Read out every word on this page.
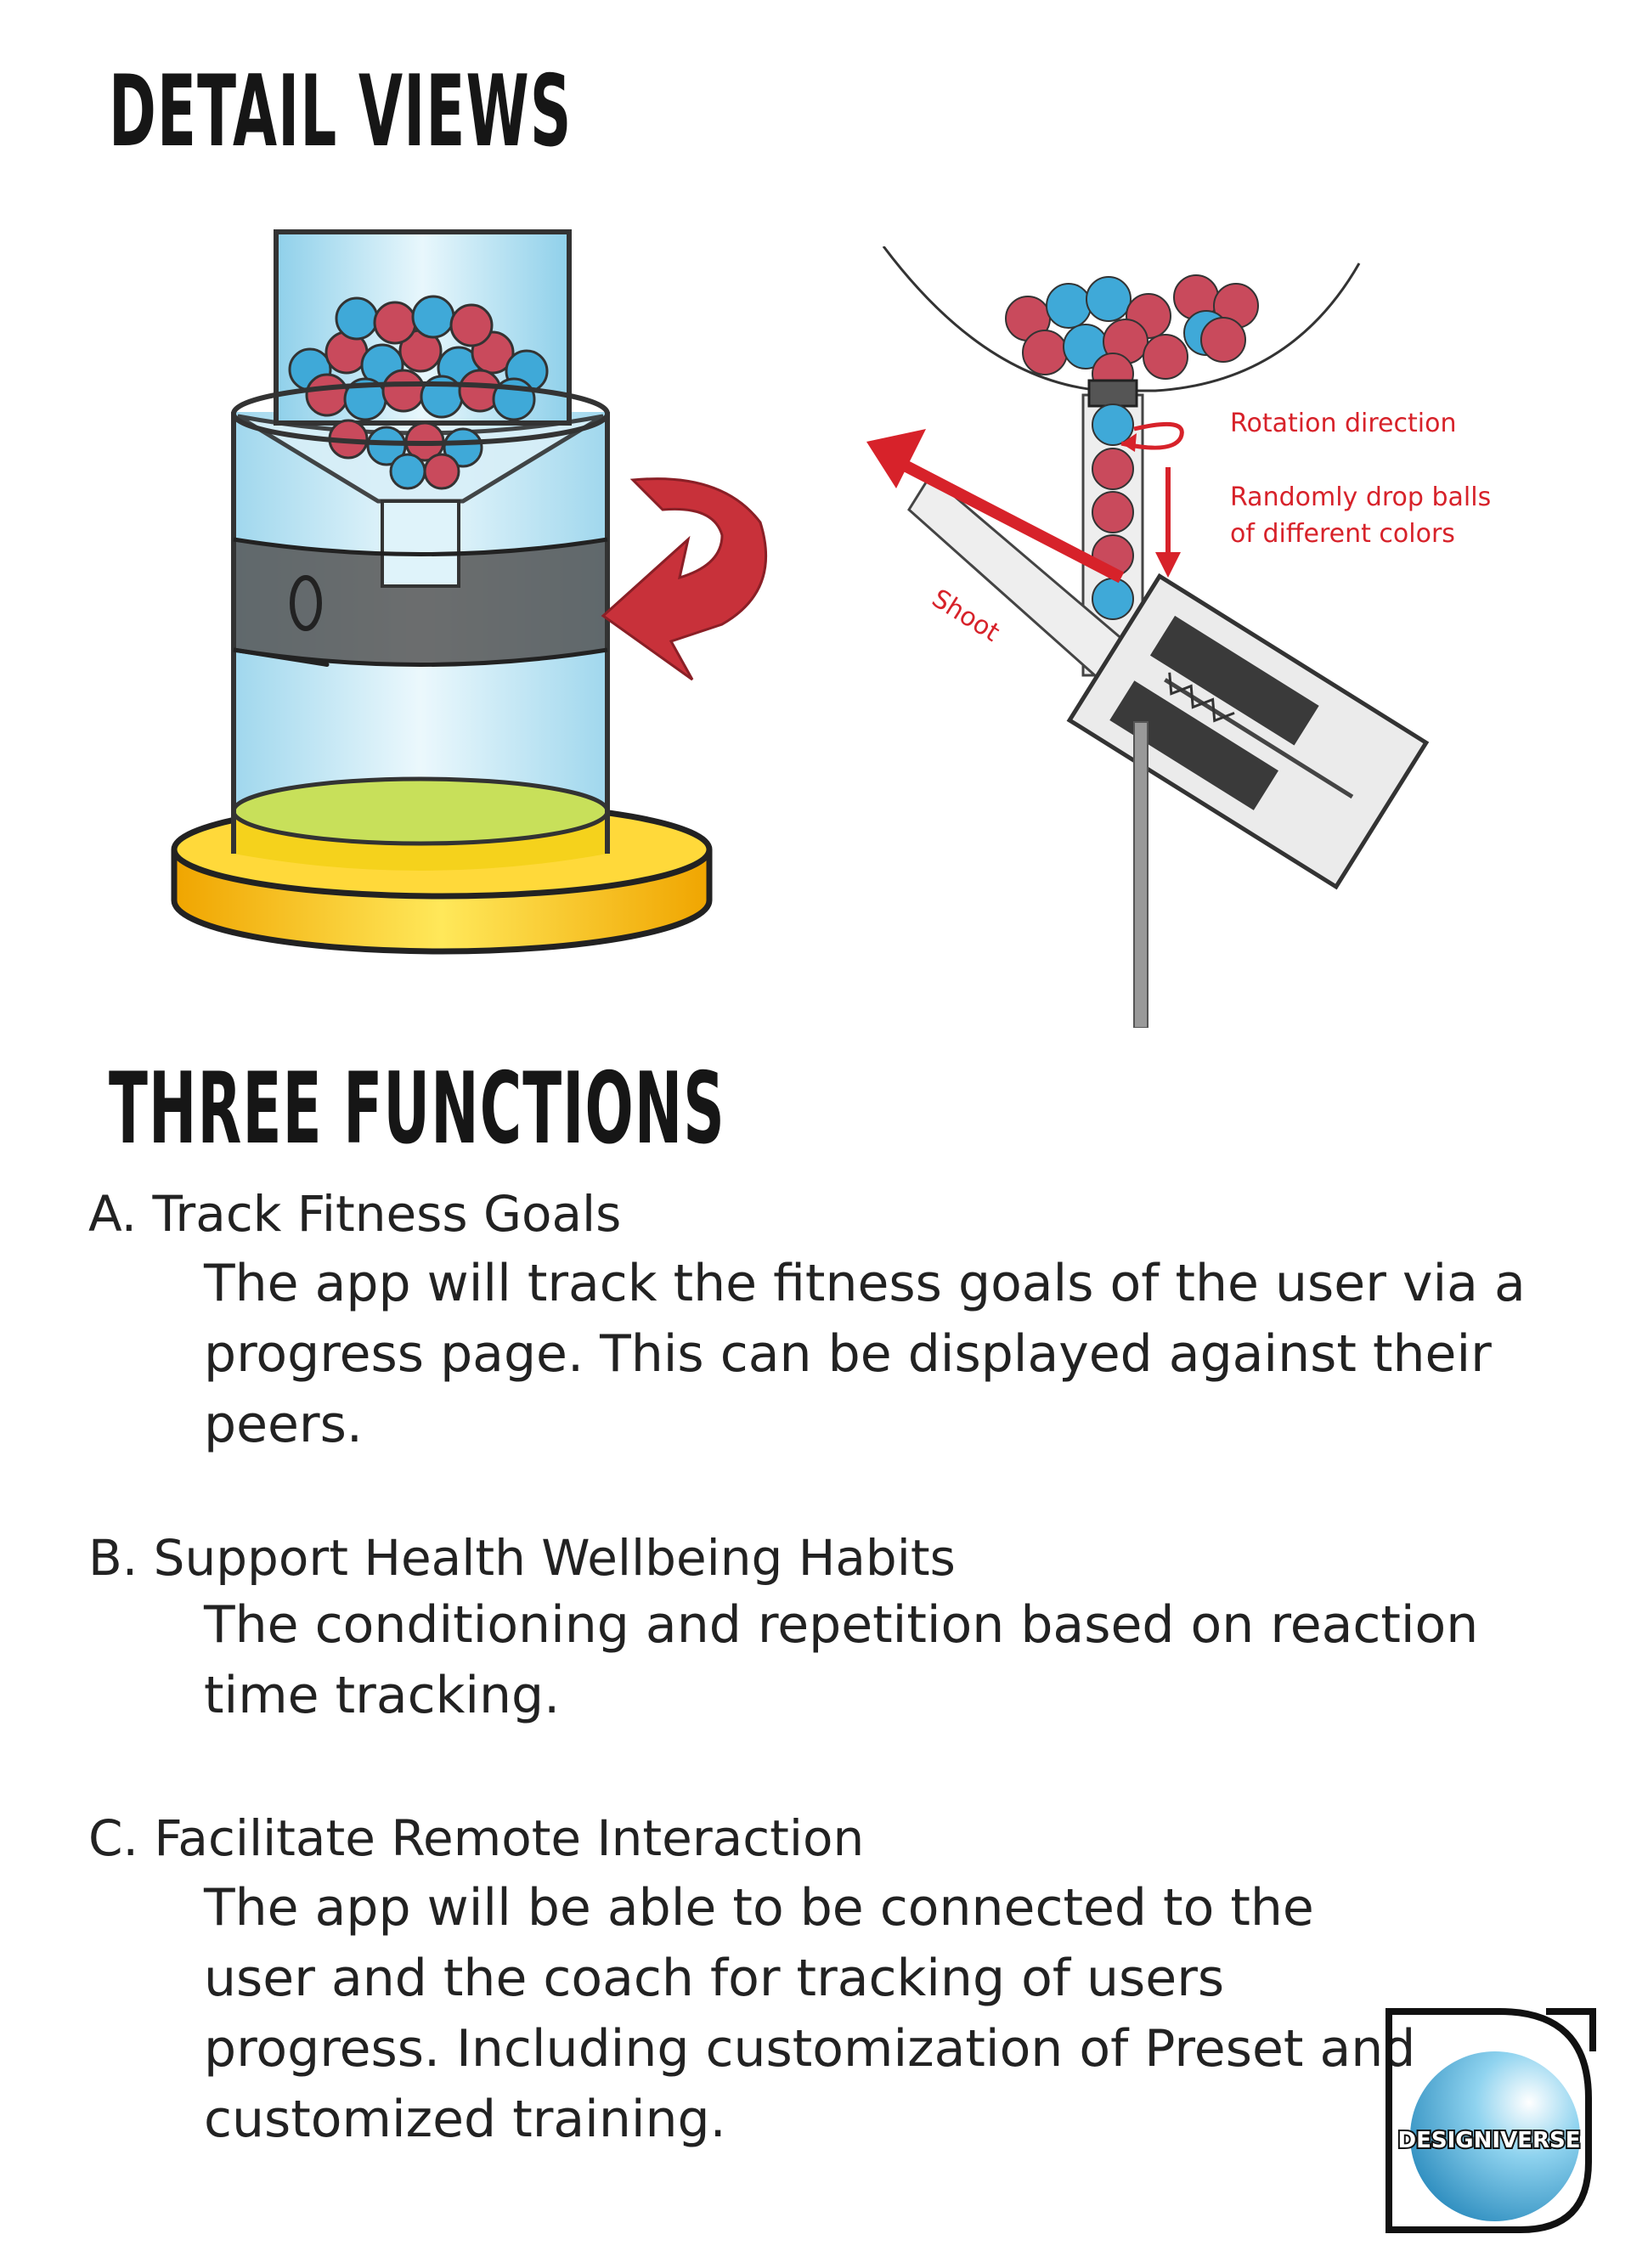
DETAIL VIEWS
Rotation direction
Randomly drop balls
of different colors
Shoot
THREE FUNCTIONS

A. Track Fitness Goals

The app will track the fitness goals of the user via a progress page. This can be displayed against their peers.

B. Support Health Wellbeing Habits

The conditioning and repetition based on reaction time tracking.

C. Facilitate Remote Interaction

The app will be able to be connected to the user and the coach for tracking of users progress. Including customization of Preset and customized training.	DESIGNIVERSE
